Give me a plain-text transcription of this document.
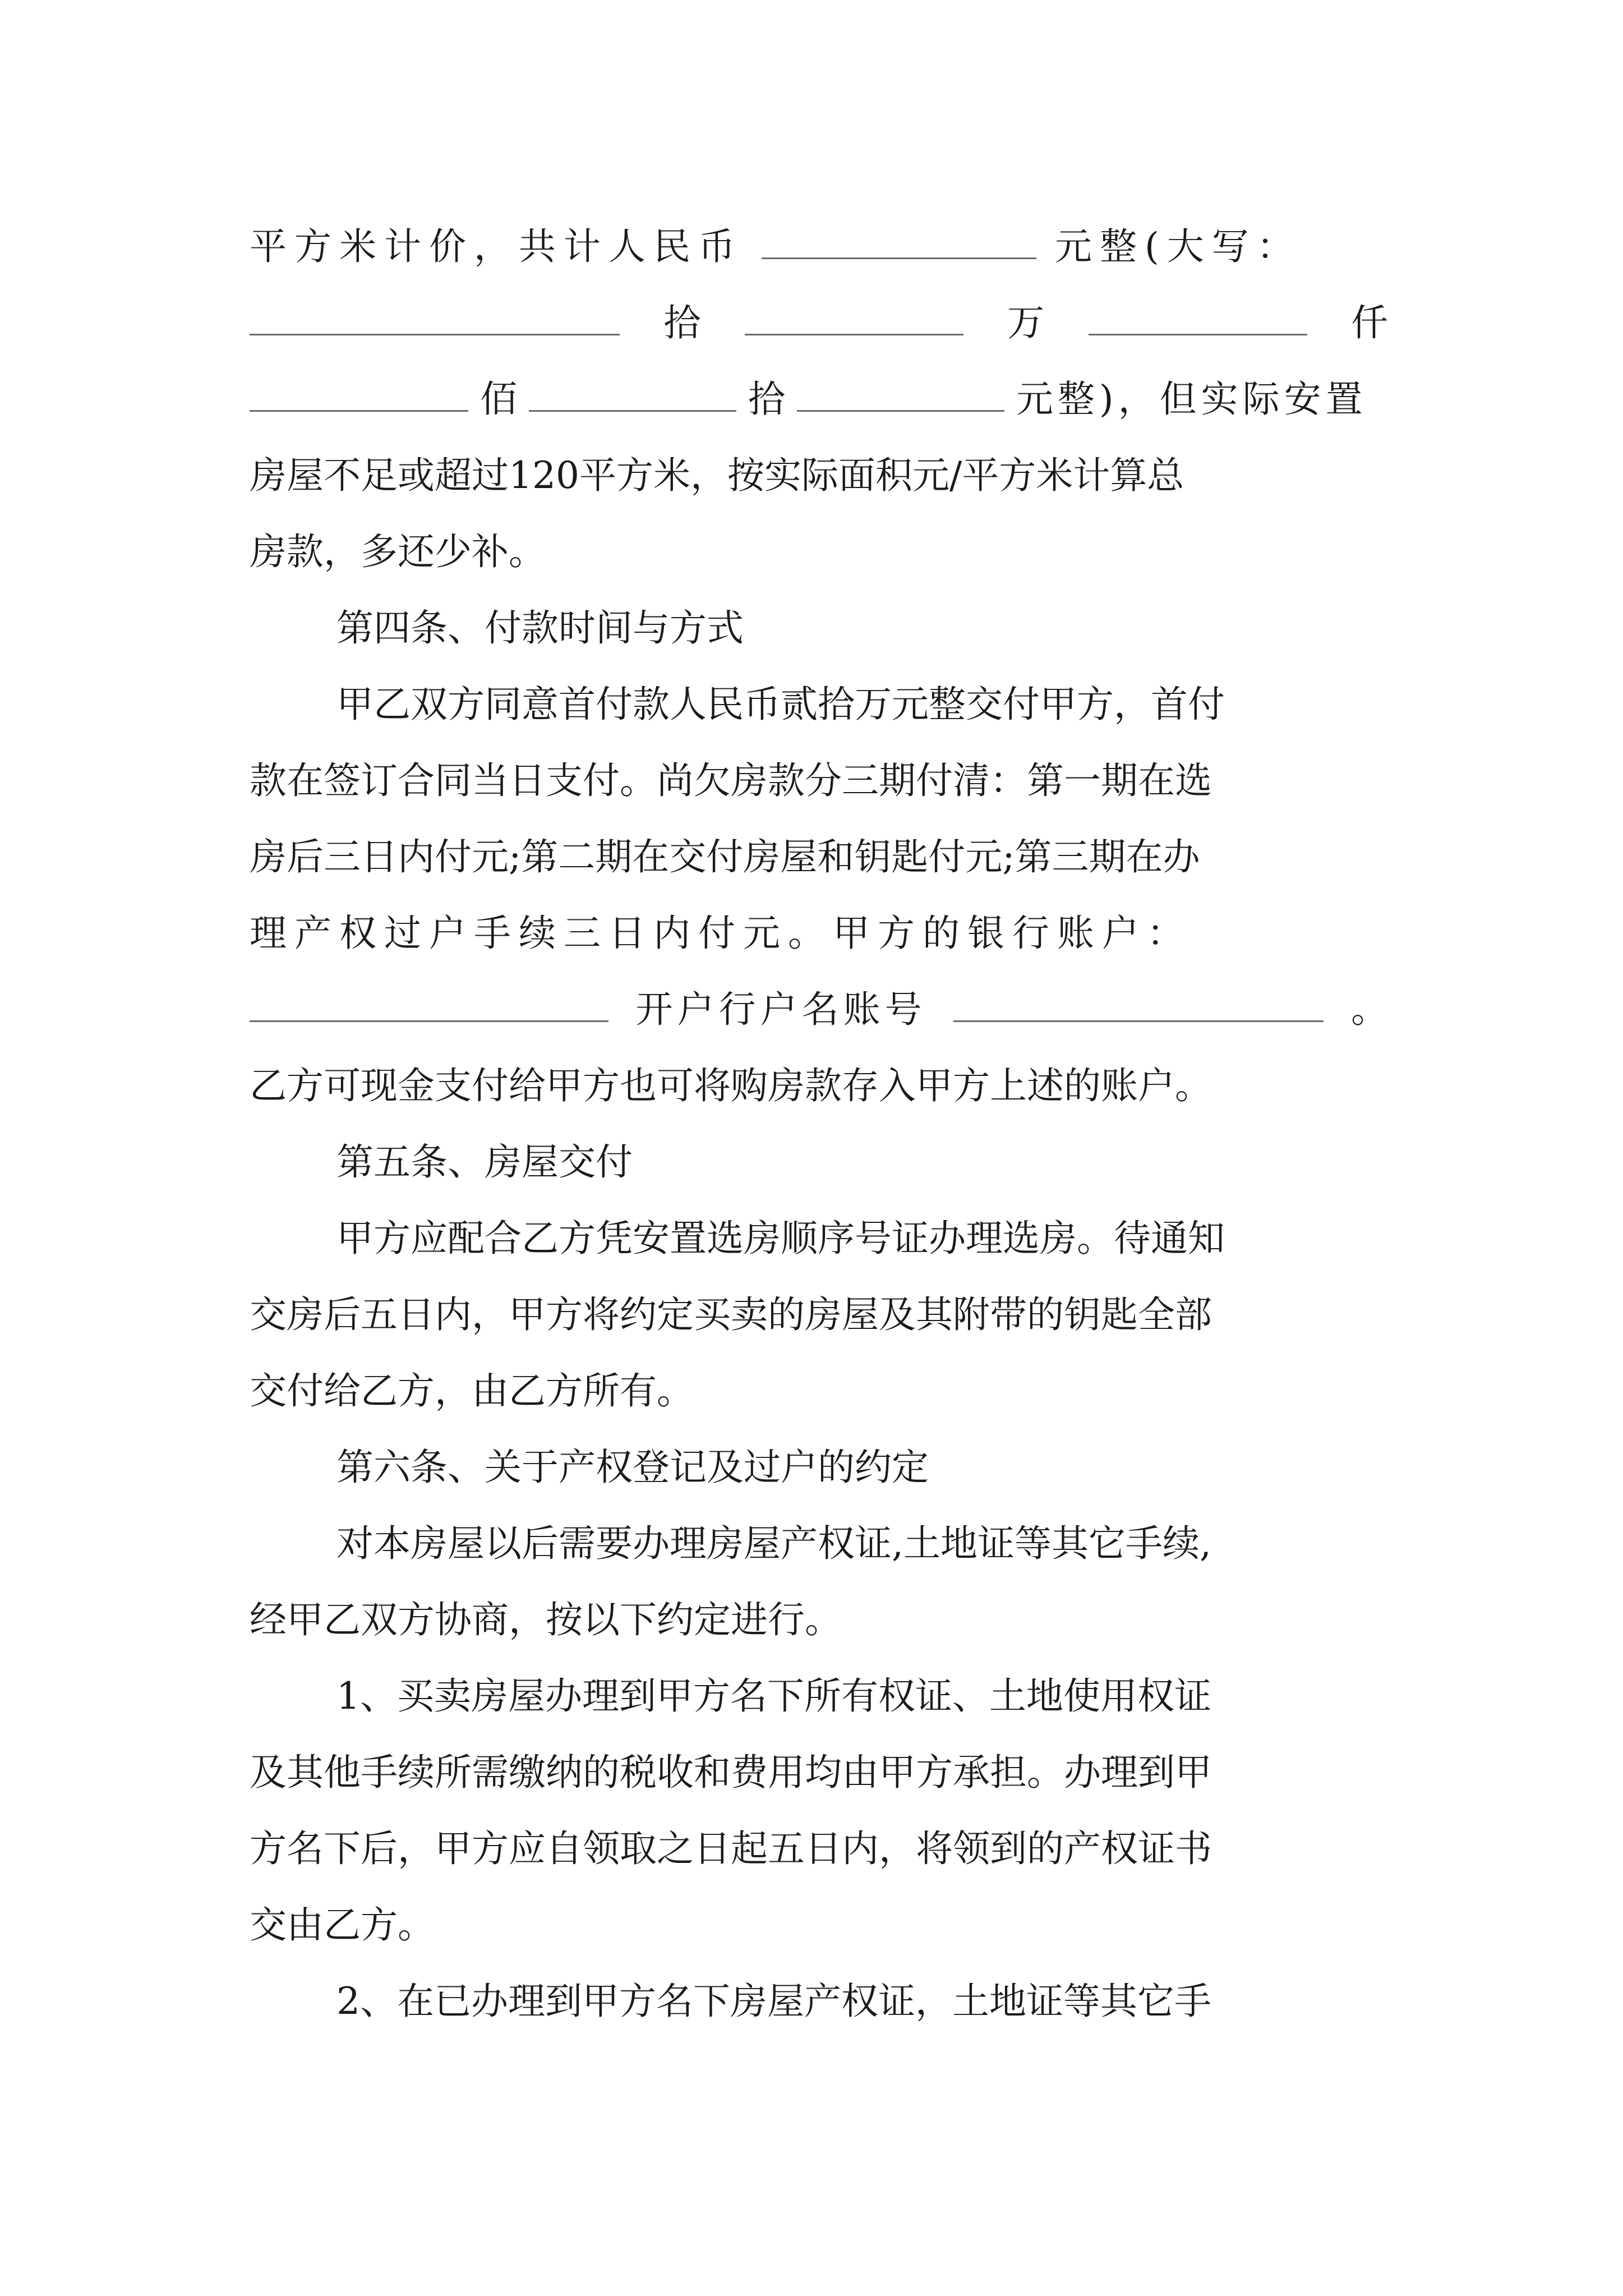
平方米计价，共计人民币	元整(大写：
拾	万	仟
佰	拾	元整)，但实际安置
房屋不足或超过120平方米，按实际面积元/平方米计算总
房款，多还少补。
第四条、付款时间与方式
甲乙双方同意首付款人民币贰拾万元整交付甲方，首付
款在签订合同当日支付。尚欠房款分三期付清：第一期在选
房后三日内付元;第二期在交付房屋和钥匙付元;第三期在办
理产权过户手续三日内付元。甲方的银行账户：
开户行户名账号	。
乙方可现金支付给甲方也可将购房款存入甲方上述的账户。
第五条、房屋交付
甲方应配合乙方凭安置选房顺序号证办理选房。待通知
交房后五日内，甲方将约定买卖的房屋及其附带的钥匙全部
交付给乙方，由乙方所有。
第六条、关于产权登记及过户的约定
对本房屋以后需要办理房屋产权证,土地证等其它手续,
经甲乙双方协商，按以下约定进行。
1、买卖房屋办理到甲方名下所有权证、土地使用权证
及其他手续所需缴纳的税收和费用均由甲方承担。办理到甲
方名下后，甲方应自领取之日起五日内，将领到的产权证书
交由乙方。
2、在已办理到甲方名下房屋产权证，土地证等其它手
